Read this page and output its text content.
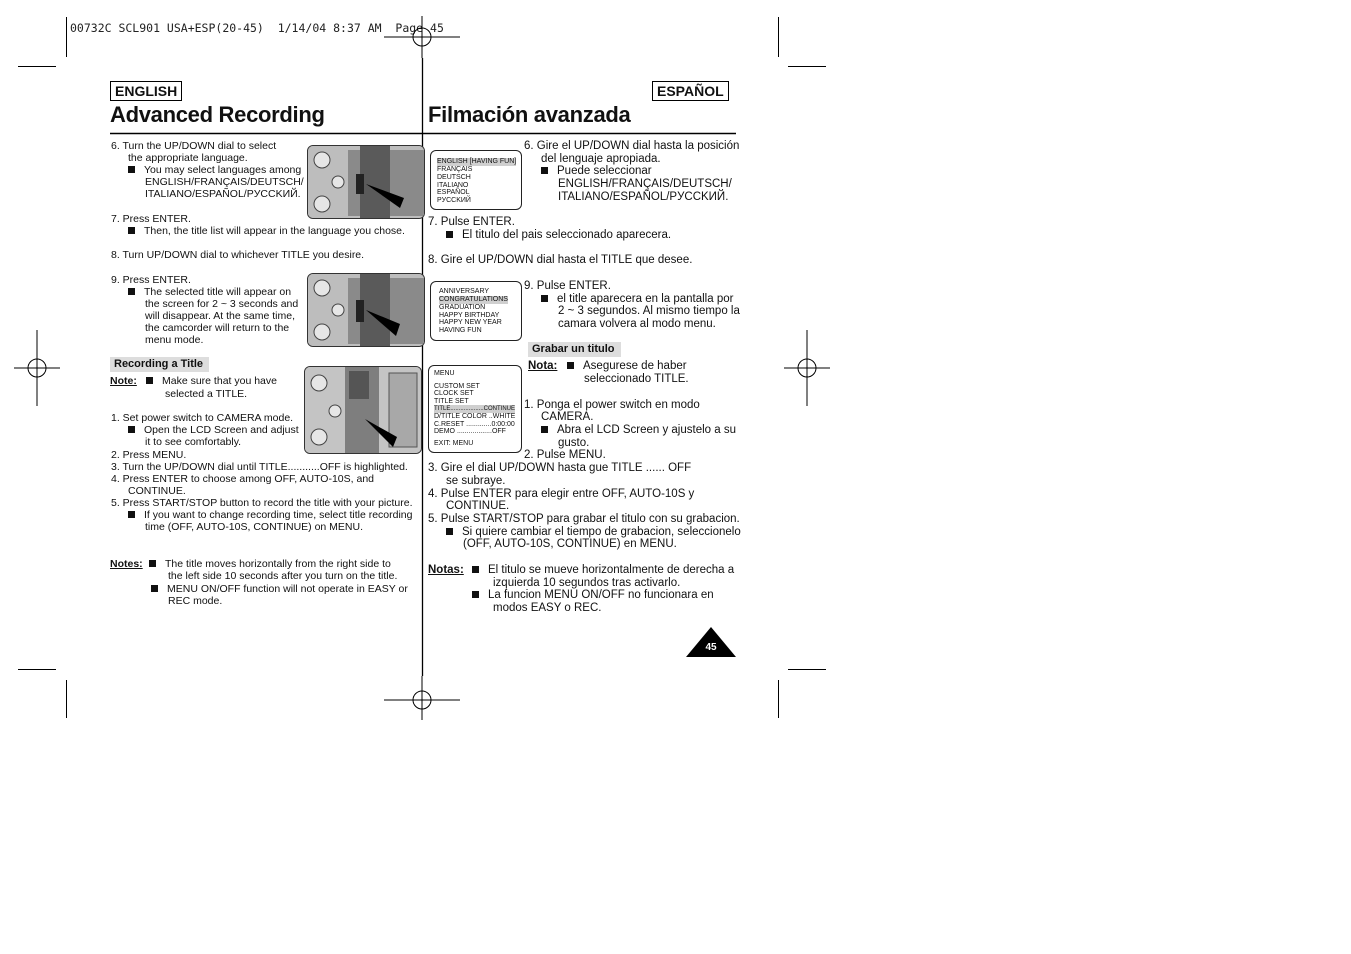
00732C SCL901 USA+ESP(20-45)  1/14/04 8:37 AM  Page 45
ENGLISH	ESPAÑOL
Advanced Recording	Filmación avanzada
6. Turn the UP/DOWN dial to select
the appropriate language.
You may select languages among
ENGLISH/FRANÇAIS/DEUTSCH/
ITALIANO/ESPAÑOL/PУCCKИЙ.
7. Press ENTER.
Then, the title list will appear in the language you chose.
8. Turn UP/DOWN dial to whichever TITLE you desire.
9. Press ENTER.
The selected title will appear on
the screen for 2 ~ 3 seconds and
will disappear. At the same time,
the camcorder will return to the
menu mode.
Recording a Title
Note:	Make sure that you have
selected a TITLE.
1. Set power switch to CAMERA mode.
Open the LCD Screen and adjust
it to see comfortably.
2. Press MENU.
3. Turn the UP/DOWN dial until TITLE...........OFF is highlighted.
4. Press ENTER to choose among OFF, AUTO-10S, and
CONTINUE.
5. Press START/STOP button to record the title with your picture.
If you want to change recording time, select title recording
time (OFF, AUTO-10S, CONTINUE) on MENU.
Notes:	The title moves horizontally from the right side to
the left side 10 seconds after you turn on the title.
MENU ON/OFF function will not operate in EASY or
REC mode.
ENGLISH [HAVING FUN]
FRANÇAIS
DEUTSCH
ITALIANO
ESPAÑOL
PУCCKИЙ
ANNIVERSARY
CONGRATULATIONS
GRADUATION
HAPPY BIRTHDAY
HAPPY NEW YEAR
HAVING FUN
MENU
CUSTOM SET
CLOCK SET
TITLE SET
TITLE....................CONTINUE
D/TITLE COLOR ..WHITE
C.RESET .............0:00:00
DEMO ..................OFF
EXIT: MENU
6. Gire el UP/DOWN dial hasta la posición
del lenguaje apropiada.
Puede seleccionar
ENGLISH/FRANÇAIS/DEUTSCH/
ITALIANO/ESPAÑOL/PУCCKИЙ.
7. Pulse ENTER.
El titulo del pais seleccionado aparecera.
8. Gire el UP/DOWN dial hasta el TITLE que desee.
9. Pulse ENTER.
el title aparecera en la pantalla por
2 ~ 3 segundos. Al mismo tiempo la
camara volvera al modo menu.
Grabar un titulo
Nota:	Asegurese de haber
seleccionado TITLE.
1. Ponga el power switch en modo
CAMERA.
Abra el LCD Screen y ajustelo a su
gusto.
2. Pulse MENU.
3. Gire el dial UP/DOWN hasta gue TITLE ...... OFF
se subraye.
4. Pulse ENTER para elegir entre OFF, AUTO-10S y
CONTINUE.
5. Pulse START/STOP para grabar el titulo con su grabacion.
Si quiere cambiar el tiempo de grabacion, seleccionelo
(OFF, AUTO-10S, CONTINUE) en MENU.
Notas:	El titulo se mueve horizontalmente de derecha a
izquierda 10 segundos tras activarlo.
La funcion MENU ON/OFF no funcionara en
modos EASY o REC.
45
